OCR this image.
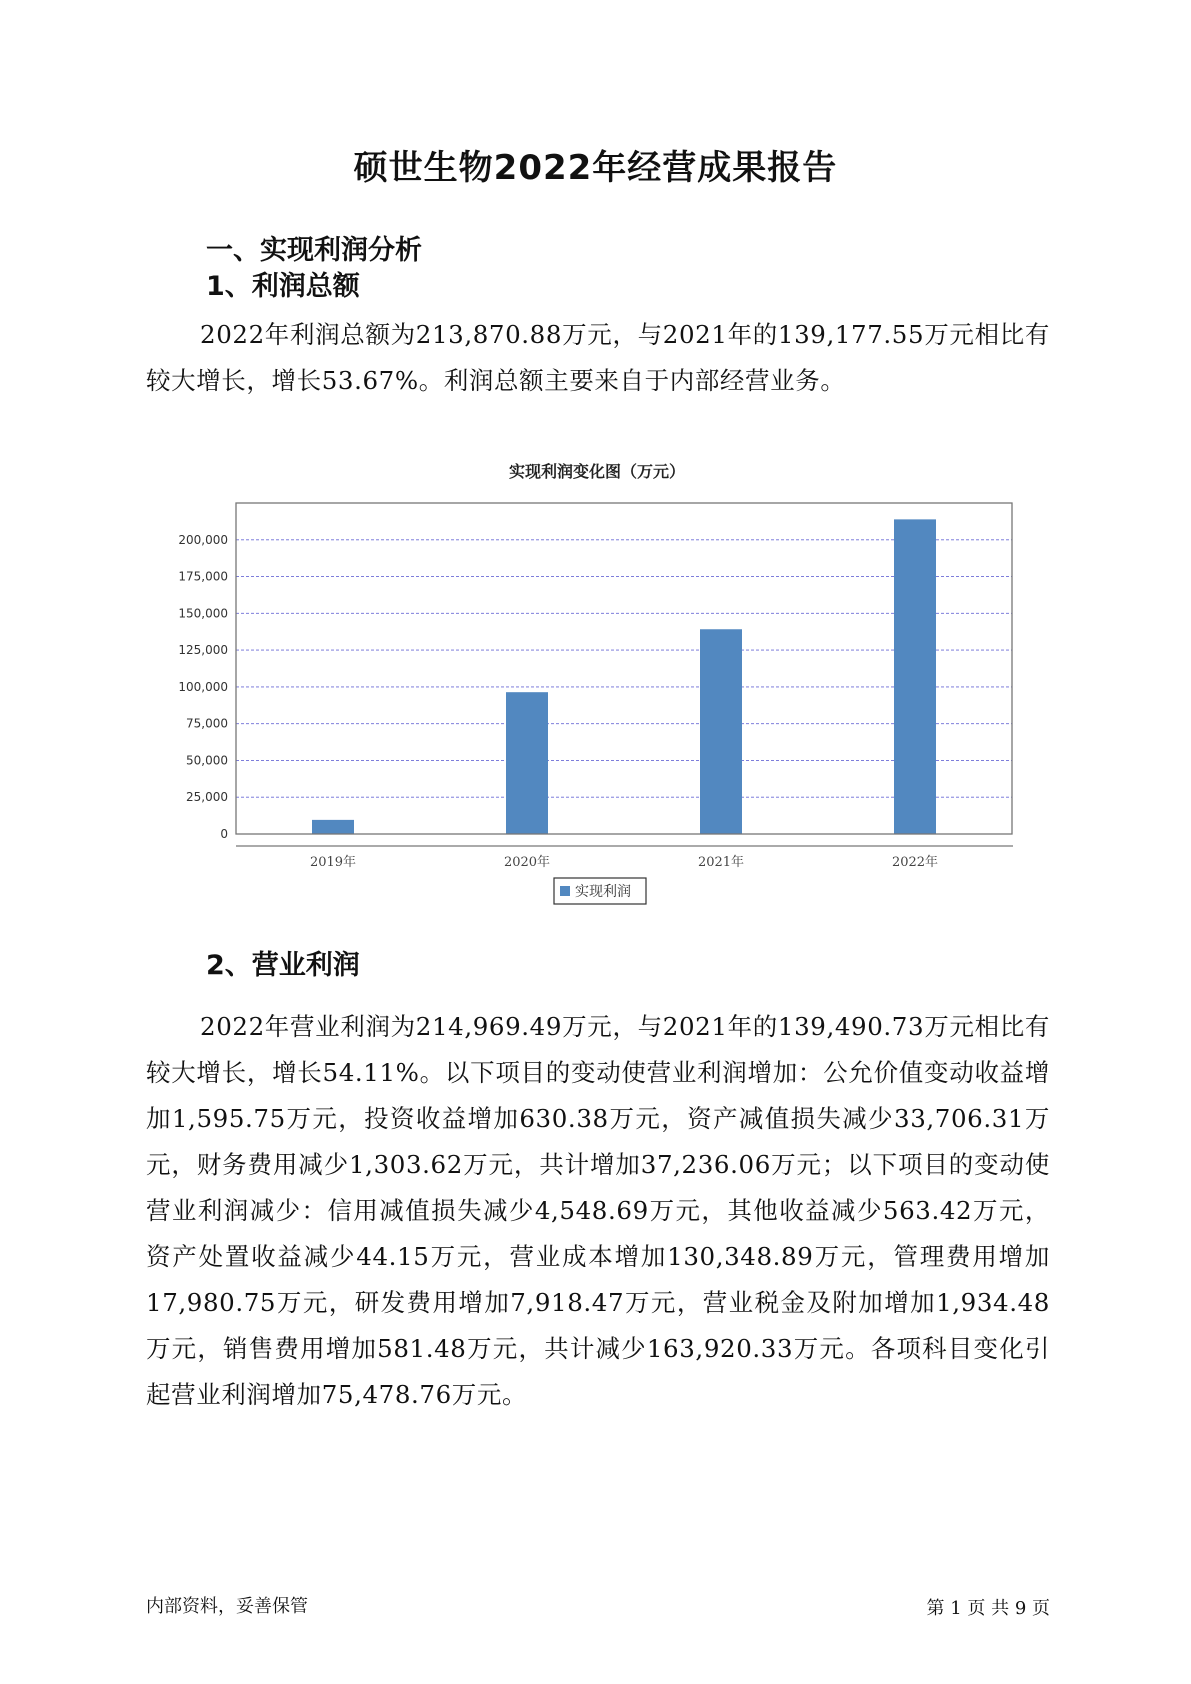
硕世生物2022年经营成果报告
一、实现利润分析
1、利润总额
2022年利润总额为213,870.88万元，与2021年的139,177.55万元相比有较大增长，增长53.67%。利润总额主要来自于内部经营业务。
实现利润变化图（万元）
0
25,000
50,000
75,000
100,000
125,000
150,000
175,000
200,000
2019年	2020年	2021年	2022年
实现利润
2、营业利润
2022年营业利润为214,969.49万元，与2021年的139,490.73万元相比有较大增长，增长54.11%。以下项目的变动使营业利润增加：公允价值变动收益增加1,595.75万元，投资收益增加630.38万元，资产减值损失减少33,706.31万元，财务费用减少1,303.62万元，共计增加37,236.06万元；以下项目的变动使营业利润减少：信用减值损失减少4,548.69万元，其他收益减少563.42万元，资产处置收益减少44.15万元，营业成本增加130,348.89万元，管理费用增加17,980.75万元，研发费用增加7,918.47万元，营业税金及附加增加1,934.48万元，销售费用增加581.48万元，共计减少163,920.33万元。各项科目变化引起营业利润增加75,478.76万元。
内部资料，妥善保管	第 1 页 共 9 页
